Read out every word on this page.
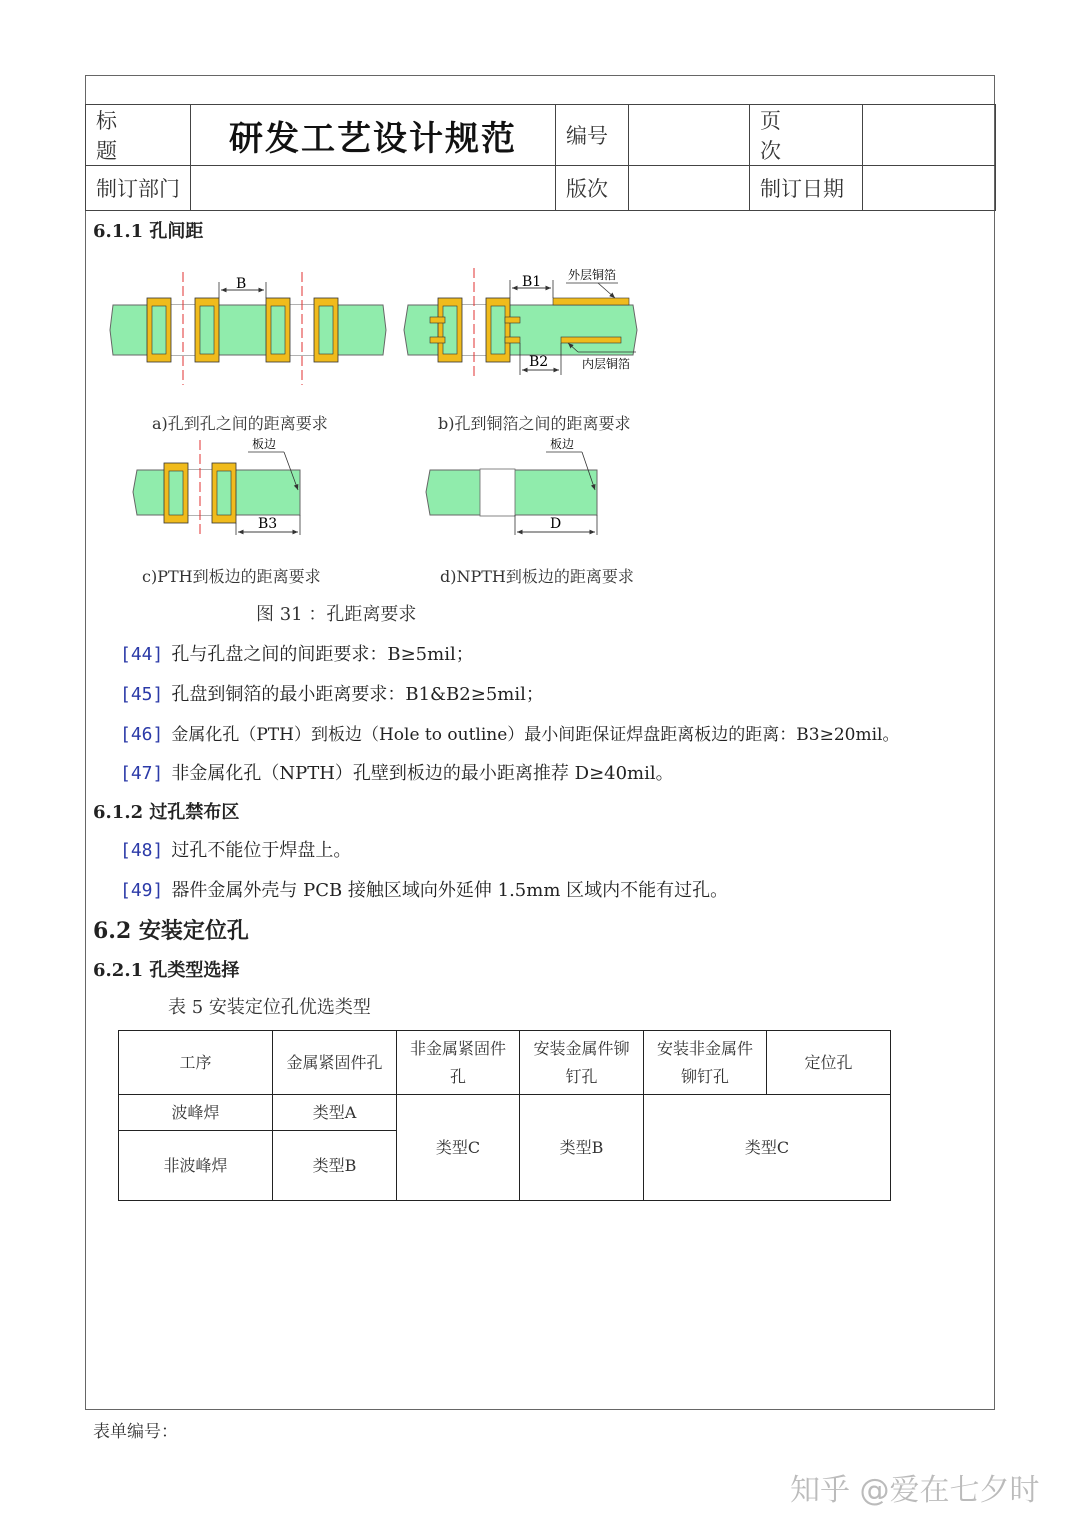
标 题	研发工艺设计规范	编号		页 次	
制订部门		版次		制订日期	
6.1.1 孔间距
B	B1
B2
外层铜箔
内层铜箔
B3
板边
D
板边
a)孔到孔之间的距离要求	b)孔到铜箔之间的距离要求
c)PTH到板边的距离要求	d)NPTH到板边的距离要求
图 31 ：孔距离要求
[44] 孔与孔盘之间的间距要求：B≥5mil；
[45] 孔盘到铜箔的最小距离要求：B1&B2≥5mil；
[46] 金属化孔（PTH）到板边（Hole to outline）最小间距保证焊盘距离板边的距离：B3≥20mil。
[47] 非金属化孔（NPTH）孔壁到板边的最小距离推荐 D≥40mil。
6.1.2 过孔禁布区
[48] 过孔不能位于焊盘上。
[49] 器件金属外壳与 PCB 接触区域向外延伸 1.5mm 区域内不能有过孔。
6.2 安装定位孔
6.2.1 孔类型选择
表 5 安装定位孔优选类型
工序	金属紧固件孔	非金属紧固件孔	安装金属件铆钉孔	安装非金属件铆钉孔	定位孔
波峰焊	类型A	类型C	类型B	类型C	
非波峰焊	类型B				
表单编号：
知乎 @爱在七夕时
